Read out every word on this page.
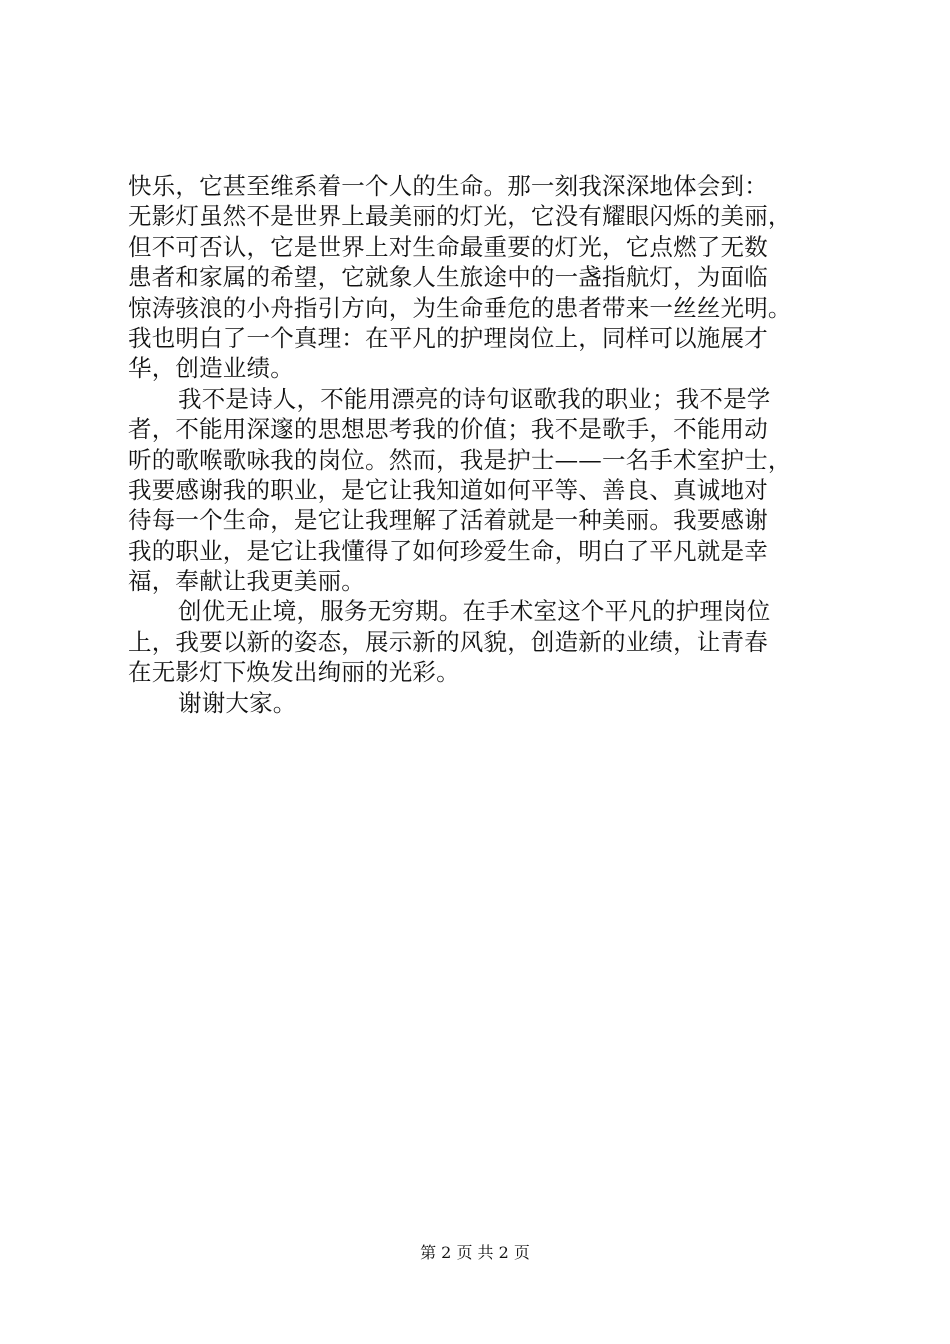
快乐，它甚至维系着一个人的生命。那一刻我深深地体会到：
无影灯虽然不是世界上最美丽的灯光，它没有耀眼闪烁的美丽，
但不可否认，它是世界上对生命最重要的灯光，它点燃了无数
患者和家属的希望，它就象人生旅途中的一盏指航灯，为面临
惊涛骇浪的小舟指引方向，为生命垂危的患者带来一丝丝光明。
我也明白了一个真理：在平凡的护理岗位上，同样可以施展才
华，创造业绩。
我不是诗人，不能用漂亮的诗句讴歌我的职业；我不是学
者，不能用深邃的思想思考我的价值；我不是歌手，不能用动
听的歌喉歌咏我的岗位。然而，我是护士——一名手术室护士，
我要感谢我的职业，是它让我知道如何平等、善良、真诚地对
待每一个生命，是它让我理解了活着就是一种美丽。我要感谢
我的职业，是它让我懂得了如何珍爱生命，明白了平凡就是幸
福，奉献让我更美丽。
创优无止境，服务无穷期。在手术室这个平凡的护理岗位
上，我要以新的姿态，展示新的风貌，创造新的业绩，让青春
在无影灯下焕发出绚丽的光彩。
谢谢大家。
第 2 页 共 2 页
